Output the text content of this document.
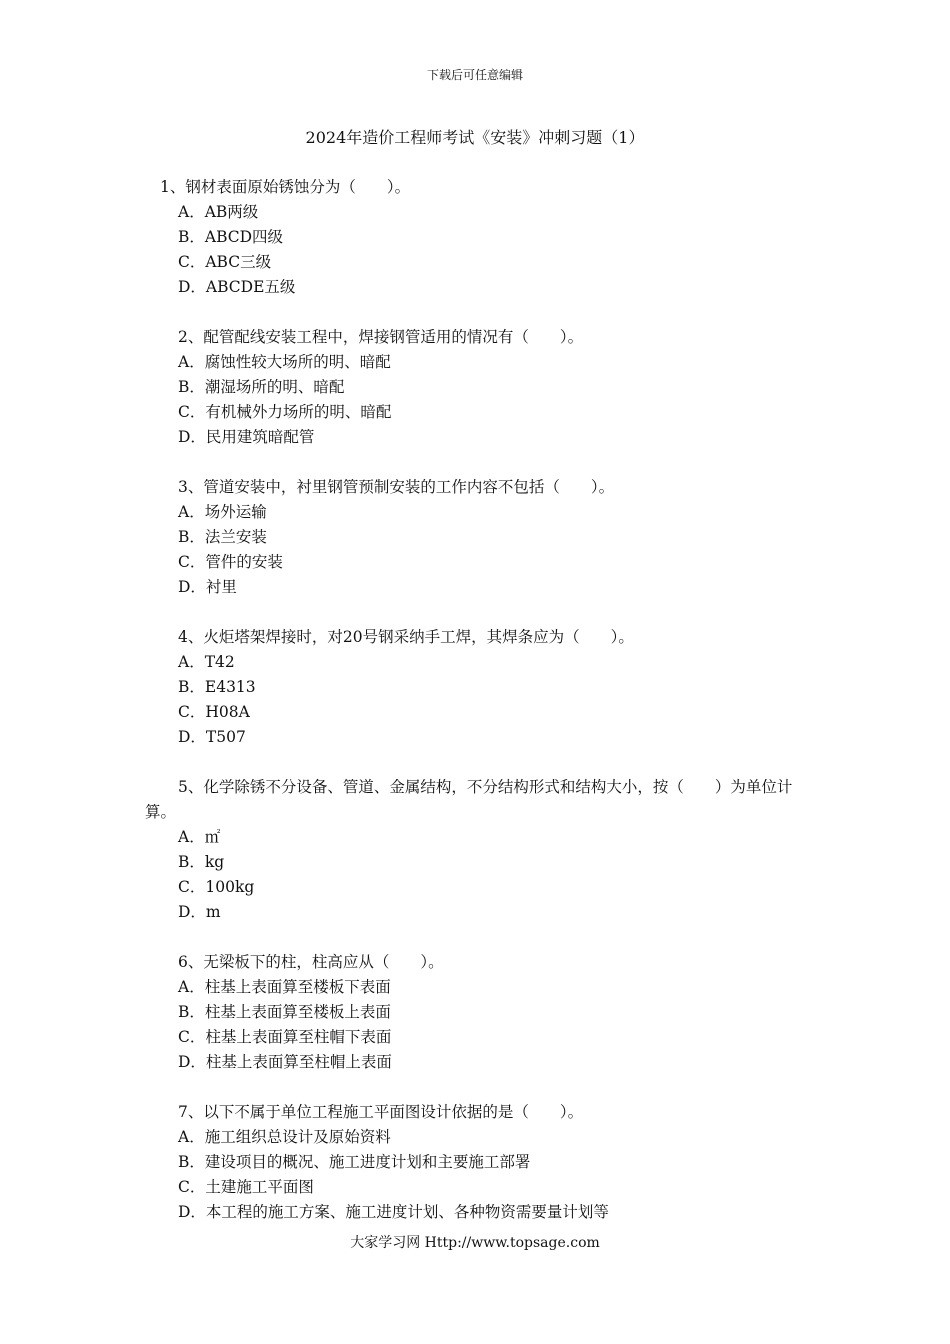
下载后可任意编辑
2024年造价工程师考试《安装》冲刺习题（1）
1、钢材表面原始锈蚀分为（　　）。
A．AB两级
B．ABCD四级
C．ABC三级
D．ABCDE五级
2、配管配线安装工程中，焊接钢管适用的情况有（　　）。
A．腐蚀性较大场所的明、暗配
B．潮湿场所的明、暗配
C．有机械外力场所的明、暗配
D．民用建筑暗配管
3、管道安装中，衬里钢管预制安装的工作内容不包括（　　）。
A．场外运输
B．法兰安装
C．管件的安装
D．衬里
4、火炬塔架焊接时，对20号钢采纳手工焊，其焊条应为（　　）。
A．T42
B．E4313
C．H08A
D．T507
5、化学除锈不分设备、管道、金属结构，不分结构形式和结构大小，按（　　）为单位计算。
A．㎡
B．kg
C．100kg
D．m
6、无梁板下的柱，柱高应从（　　）。
A．柱基上表面算至楼板下表面
B．柱基上表面算至楼板上表面
C．柱基上表面算至柱帽下表面
D．柱基上表面算至柱帽上表面
7、以下不属于单位工程施工平面图设计依据的是（　　）。
A．施工组织总设计及原始资料
B．建设项目的概况、施工进度计划和主要施工部署
C．土建施工平面图
D．本工程的施工方案、施工进度计划、各种物资需要量计划等
大家学习网 Http://www.topsage.com
